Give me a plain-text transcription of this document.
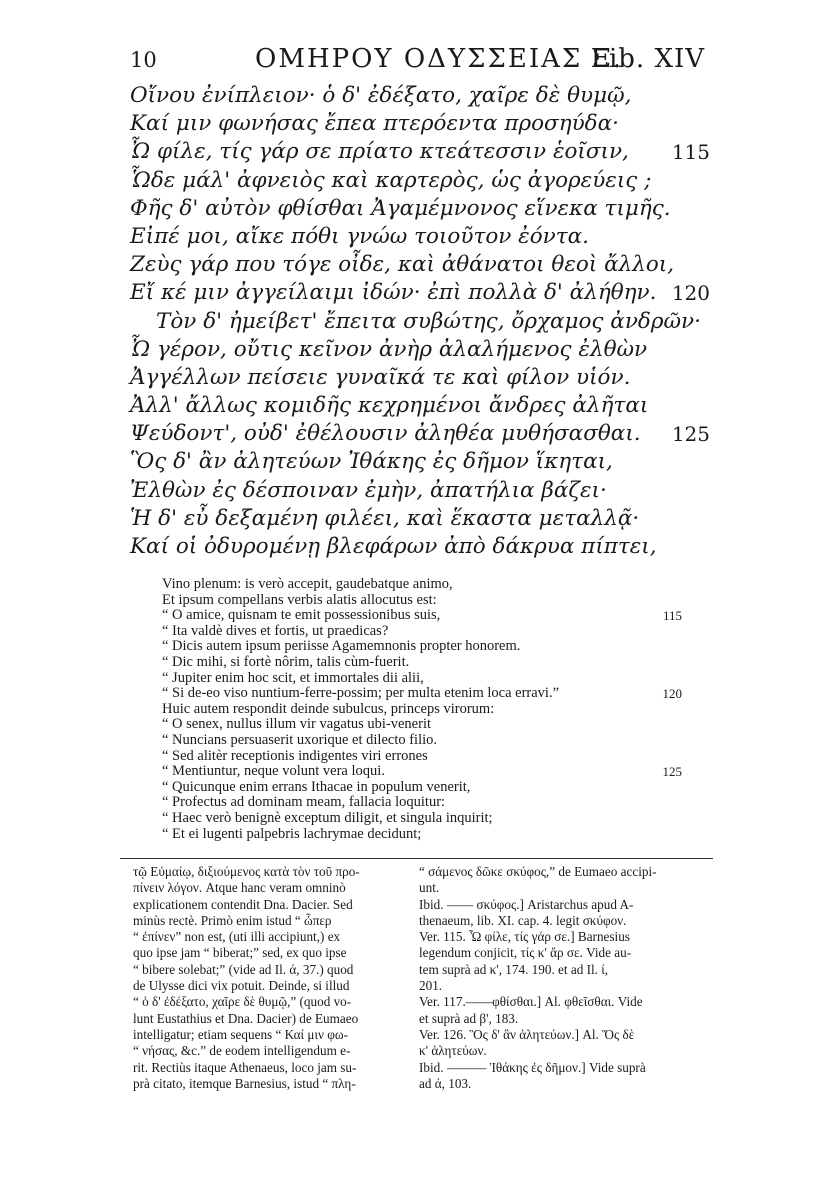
10	ΟΜΗΡΟΥ ΟΔΥΣΣΕΙΑΣ Ξ.
Lib. XIV
Οἴνου ἐνίπλειον· ὁ δ' ἐδέξατο, χαῖρε δὲ θυμῷ,
Καί μιν φωνήσας ἔπεα πτερόεντα προσηύδα·
Ὦ φίλε, τίς γάρ σε πρίατο κτεάτεσσιν ἑοῖσιν, 115
Ὧδε μάλ' ἀφνειὸς καὶ καρτερὸς, ὡς ἀγορεύεις ;
Φῆς δ' αὐτὸν φθίσθαι Ἀγαμέμνονος εἵνεκα τιμῆς.
Εἰπέ μοι, αἴκε πόθι γνώω τοιοῦτον ἐόντα.
Ζεὺς γάρ που τόγε οἶδε, καὶ ἀθάνατοι θεοὶ ἄλλοι,
Εἴ κέ μιν ἀγγείλαιμι ἰδών· ἐπὶ πολλὰ δ' ἀλήθην. 120
Τὸν δ' ἠμείβετ' ἔπειτα συβώτης, ὄρχαμος ἀνδρῶν·
Ὦ γέρον, οὔτις κεῖνον ἀνὴρ ἀλαλήμενος ἐλθὼν
Ἀγγέλλων πείσειε γυναῖκά τε καὶ φίλον υἱόν.
Ἀλλ' ἄλλως κομιδῆς κεχρημένοι ἄνδρες ἀλῆται
Ψεύδοντ', οὐδ' ἐθέλουσιν ἀληθέα μυθήσασθαι. 125
Ὃς δ' ἂν ἀλητεύων Ἰθάκης ἐς δῆμον ἵκηται,
Ἐλθὼν ἐς δέσποιναν ἐμὴν, ἀπατήλια βάζει·
Ἡ δ' εὖ δεξαμένη φιλέει, καὶ ἕκαστα μεταλλᾷ·
Καί οἱ ὀδυρομένῃ βλεφάρων ἀπὸ δάκρυα πίπτει,
Vino plenum: is verò accepit, gaudebatque animo,
Et ipsum compellans verbis alatis allocutus est:
“ O amice, quisnam te emit possessionibus suis,	115
“ Ita valdè dives et fortis, ut praedicas?
“ Dicis autem ipsum periisse Agamemnonis propter honorem.
“ Dic mihi, si fortè nôrim, talis cùm-fuerit.
“ Jupiter enim hoc scit, et immortales dii alii,
“ Si de-eo viso nuntium-ferre-possim; per multa etenim loca erravi.”	120
Huic autem respondit deinde subulcus, princeps virorum:
“ O senex, nullus illum vir vagatus ubi-venerit
“ Nuncians persuaserit uxorique et dilecto filio.
“ Sed alitèr receptionis indigentes viri errones
“ Mentiuntur, neque volunt vera loqui.	125
“ Quicunque enim errans Ithacae in populum venerit,
“ Profectus ad dominam meam, fallacia loquitur:
“ Haec verò benignè exceptum diligit, et singula inquirit;
“ Et ei lugenti palpebris lachrymae decidunt;
τῷ Εὐμαίῳ, διξιούμενος κατὰ τὸν τοῦ προ-
πίνειν λόγον. Atque hanc veram omninò
explicationem contendit Dna. Dacier. Sed
minùs rectè. Primò enim istud “ ὦπερ
“ ἐπίνεν” non est, (uti illi accipiunt,) ex
quo ipse jam “ biberat;” sed, ex quo ipse
“ bibere solebat;” (vide ad Il. ά, 37.) quod
de Ulysse dici vix potuit. Deinde, si illud
“ ὁ δ' ἐδέξατο, χαῖρε δὲ θυμῷ,” (quod vo-
lunt Eustathius et Dna. Dacier) de Eumaeo
intelligatur; etiam sequens “ Καί μιν φω-
“ νήσας, &c.” de eodem intelligendum e-
rit. Rectiùs itaque Athenaeus, loco jam su-
prà citato, itemque Barnesius, istud “ πλη-
“ σάμενος δῶκε σκύφος,” de Eumaeo accipi-
unt.
Ibid. —— σκύφος.] Aristarchus apud A-
thenaeum, lib. XI. cap. 4. legit σκύφον.
Ver. 115. Ὦ φίλε, τίς γάρ σε.] Barnesius
legendum conjicit, τίς κ' ἄρ σε. Vide au-
tem suprà ad κ', 174. 190. et ad Il. ί,
201.
Ver. 117.——φθίσθαι.] Al. φθεῖσθαι. Vide
et suprà ad β', 183.
Ver. 126. Ὃς δ' ἂν ἀλητεύων.] Al. Ὅς δὲ
κ' ἀλητεύων.
Ibid. ——— Ἰθάκης ἐς δῆμον.] Vide suprà
ad ά, 103.
